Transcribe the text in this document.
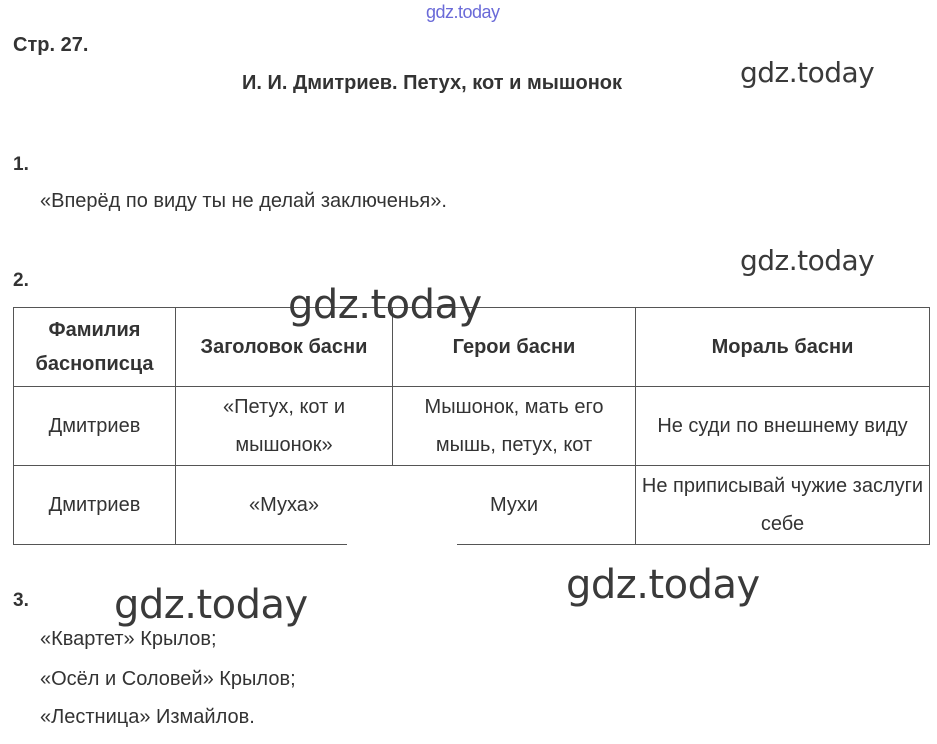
gdz.today
Стр. 27.
И. И. Дмитриев. Петух, кот и мышонок
1.
«Вперёд по виду ты не делай заключенья».
2.
Фамилия баснописца	Заголовок басни	Герои басни	Мораль басни
Дмитриев	«Петух, кот и мышонок»	Мышонок, мать его мышь, петух, кот	Не суди по внешнему виду
Дмитриев	«Муха»	Мухи	Не приписывай чужие заслуги себе
3.
«Квартет» Крылов;
«Осёл и Соловей» Крылов;
«Лестница» Измайлов.
gdz.today
gdz.today
gdz.today
gdz.today
gdz.today
